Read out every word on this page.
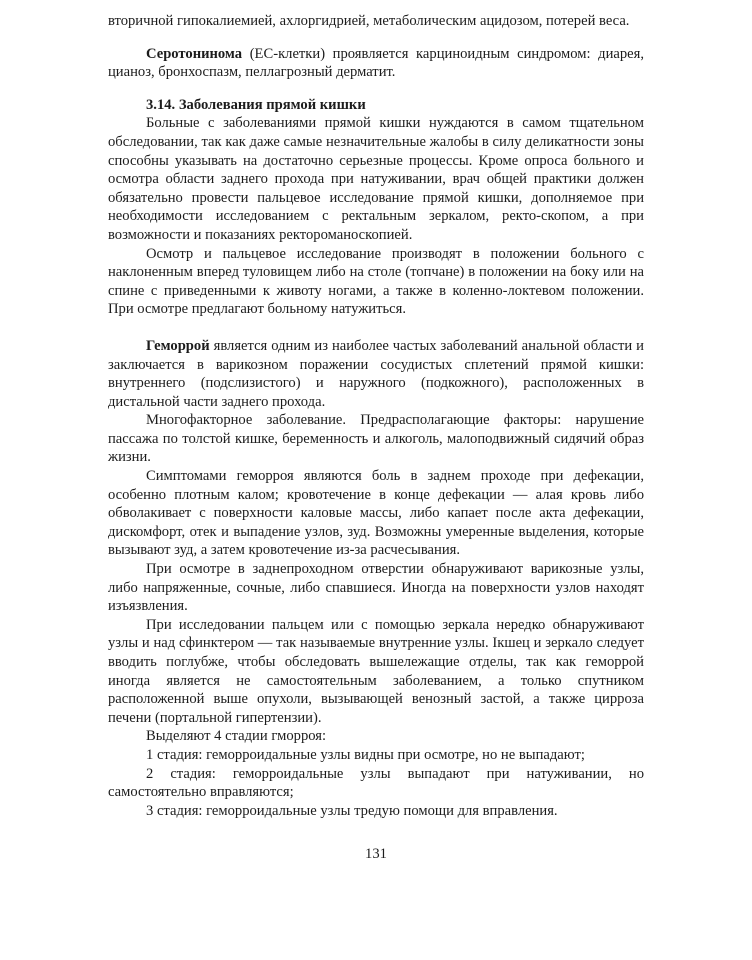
вторичной гипокалиемией, ахлоргидрией, метаболическим ацидозом, потерей веса.

Серотонинома (ЕС-клетки) проявляется карциноидным синдромом: диарея, цианоз, бронхоспазм, пеллагрозный дерматит.

3.14. Заболевания прямой кишки

Больные с заболеваниями прямой кишки нуждаются в самом тщательном обследовании, так как даже самые незначительные жалобы в силу деликатности зоны способны указывать на достаточно серьезные процессы. Кроме опроса больного и осмотра области заднего прохода при натуживании, врач общей практики должен обязательно провести пальцевое исследование прямой кишки, дополняемое при необходимости исследованием с ректальным зеркалом, ректо-скопом, а при возможности и показаниях ректороманоскопией.

Осмотр и пальцевое исследование производят в положении больного с наклоненным вперед туловищем либо на столе (топчане) в положении на боку или на спине с приведенными к животу ногами, а также в коленно-локтевом положении. При осмотре предлагают больному натужиться.

Геморрой является одним из наиболее частых заболеваний анальной области и заключается в варикозном поражении сосудистых сплетений прямой кишки: внутреннего (подслизистого) и наружного (подкожного), расположенных в дистальной части заднего прохода.

Многофакторное заболевание. Предрасполагающие факторы: нарушение пассажа по толстой кишке, беременность и алкоголь, малоподвижный сидячий образ жизни.

Симптомами геморроя являются боль в заднем проходе при дефекации, особенно плотным калом; кровотечение в конце дефекации — алая кровь либо обволакивает с поверхности каловые массы, либо капает после акта дефекации, дискомфорт, отек и выпадение узлов, зуд. Возможны умеренные выделения, которые вызывают зуд, а затем кровотечение из-за расчесывания.

При осмотре в заднепроходном отверстии обнаруживают варикозные узлы, либо напряженные, сочные, либо спавшиеся. Иногда на поверхности узлов находят изъязвления.

При исследовании пальцем или с помощью зеркала нередко обнаруживают узлы и над сфинктером — так называемые внутренние узлы. Iкшец и зеркало следует вводить поглубже, чтобы обследовать вышележащие отделы, так как геморрой иногда является не самостоятельным заболеванием, а только спутником расположенной выше опухоли, вызывающей венозный застой, а также цирроза печени (портальной гипертензии).

Выделяют 4 стадии гморроя:

1 стадия: геморроидальные узлы видны при осмотре, но не выпадают;

2 стадия: геморроидальные узлы выпадают при натуживании, но самостоятельно вправляются;

3 стадия: геморроидальные узлы тредую помощи для вправления.

131
